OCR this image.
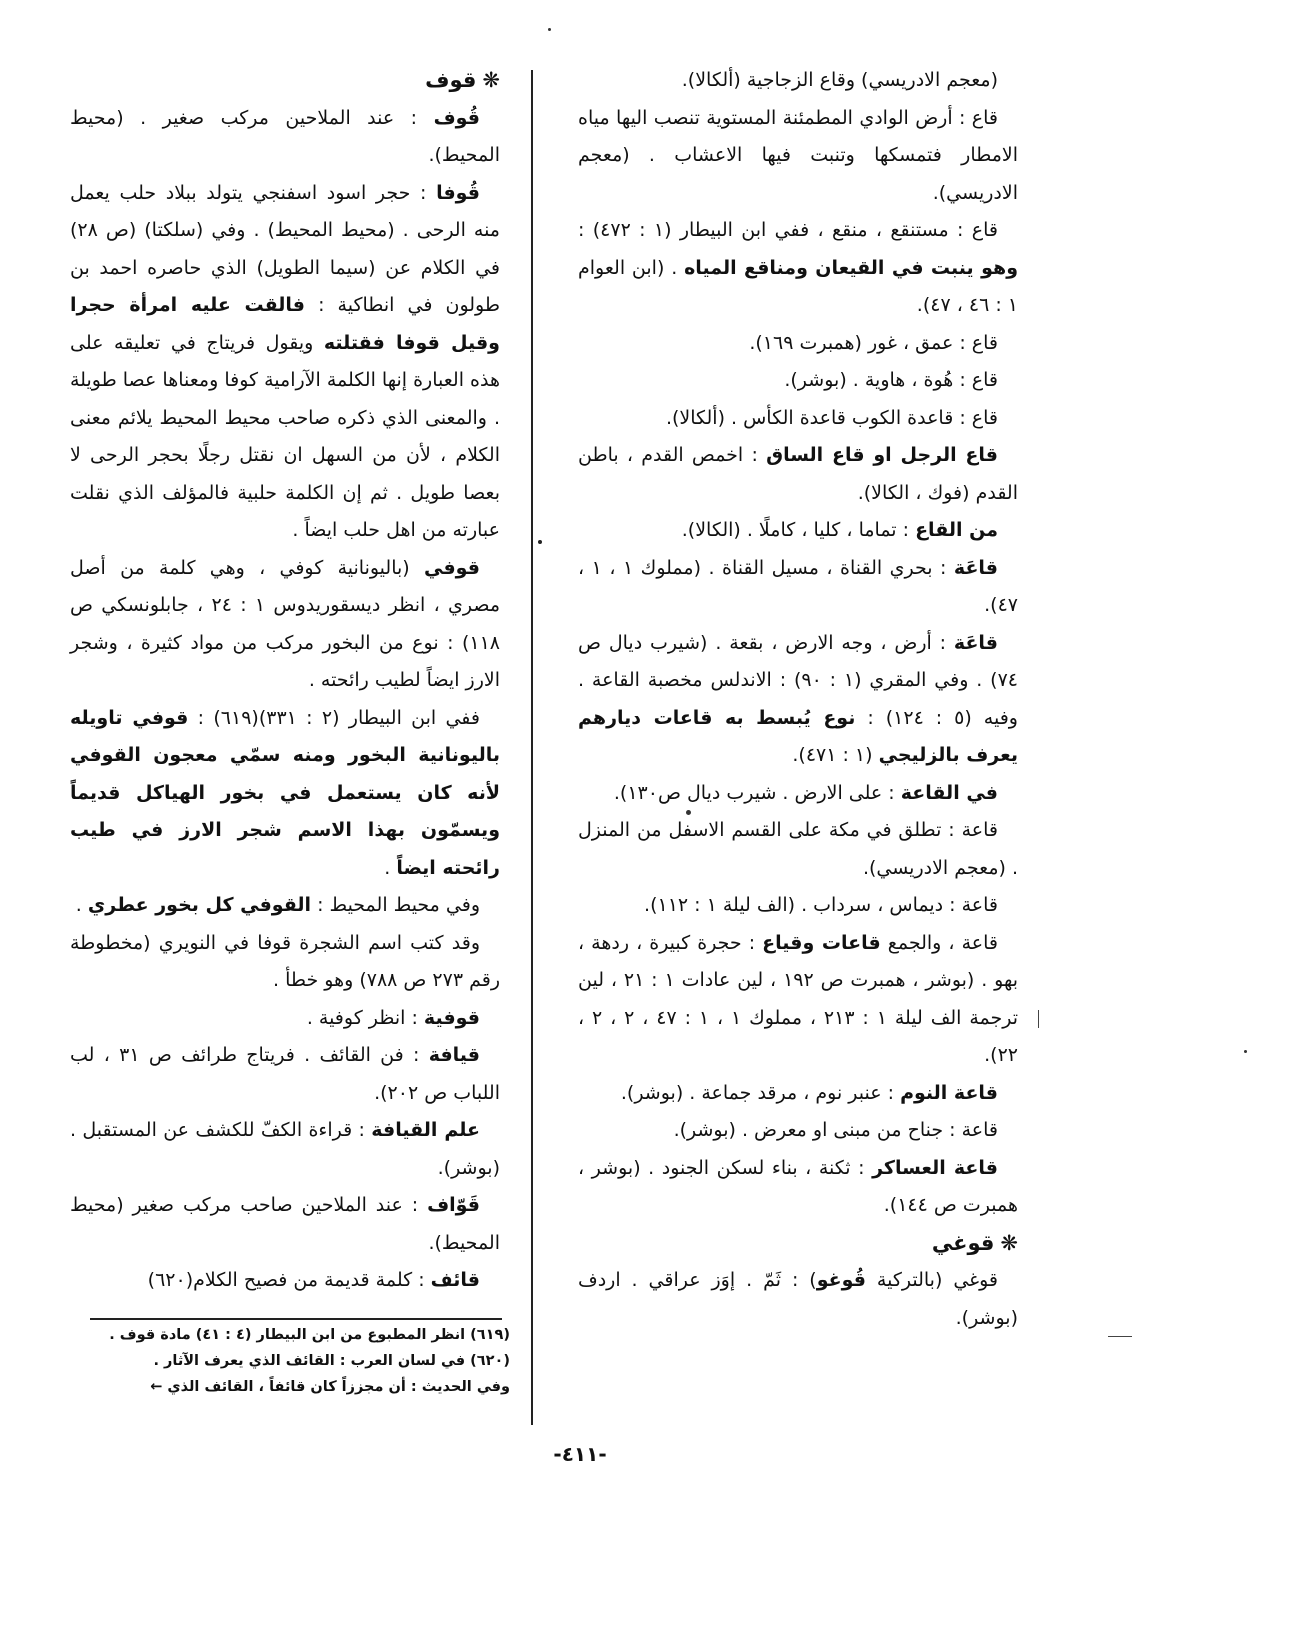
(معجم الادريسي) وقاع الزجاجية (ألكالا).

قاع : أرض الوادي المطمئنة المستوية تنصب اليها مياه الامطار فتمسكها وتنبت فيها الاعشاب . (معجم الادريسي).

قاع : مستنقع ، منقع ، ففي ابن البيطار (١ : ٤٧٢) : وهو ينبت في القيعان ومناقع المياه . (ابن العوام ١ : ٤٦ ، ٤٧).

قاع : عمق ، غور (همبرت ١٦٩).

قاع : هُوة ، هاوية . (بوشر).

قاع : قاعدة الكوب قاعدة الكأس . (ألكالا).

قاع الرجل او قاع الساق : اخمص القدم ، باطن القدم (فوك ، الكالا).

من القاع : تماما ، كليا ، كاملًا . (الكالا).

قاعَة : بحري القناة ، مسيل القناة . (مملوك ١ ، ١ ، ٤٧).

قاعَة : أرض ، وجه الارض ، بقعة . (شيرب ديال ص ٧٤) . وفي المقري (١ : ٩٠) : الاندلس مخصبة القاعة . وفيه (٥ : ١٢٤) : نوع يُبسط به قاعات ديارهم يعرف بالزليجي (١ : ٤٧١).

في القاعة : على الارض . شيرب ديال ص١٣٠).

قاعة : تطلق في مكة على القسم الاسفل من المنزل . (معجم الادريسي).

قاعة : ديماس ، سرداب . (الف ليلة ١ : ١١٢).

قاعة ، والجمع قاعات وقياع : حجرة كبيرة ، ردهة ، بهو . (بوشر ، همبرت ص ١٩٢ ، لين عادات ١ : ٢١ ، لين ترجمة الف ليلة ١ : ٢١٣ ، مملوك ١ ، ١ : ٤٧ ، ٢ ، ٢ ، ٢٢).

قاعة النوم : عنبر نوم ، مرقد جماعة . (بوشر).

قاعة : جناح من مبنى او معرض . (بوشر).

قاعة العساكر : ثكنة ، بناء لسكن الجنود . (بوشر ، همبرت ص ١٤٤).

❋قوغي

قوغي (بالتركية قُوغو) : ثَمّ . إوَز عراقي . اردف (بوشر).

❋قوف

قُوف : عند الملاحين مركب صغير . (محيط المحيط).

قُوفا : حجر اسود اسفنجي يتولد ببلاد حلب يعمل منه الرحى . (محيط المحيط) . وفي (سلكتا) (ص ٢٨) في الكلام عن (سيما الطويل) الذي حاصره احمد بن طولون في انطاكية : فالقت عليه امرأة حجرا وقيل قوفا فقتلته ويقول فريتاج في تعليقه على هذه العبارة إنها الكلمة الآرامية كوفا ومعناها عصا طويلة . والمعنى الذي ذكره صاحب محيط المحيط يلائم معنى الكلام ، لأن من السهل ان نقتل رجلًا بحجر الرحى لا بعصا طويل . ثم إن الكلمة حلبية فالمؤلف الذي نقلت عبارته من اهل حلب ايضاً .

قوفي (باليونانية كوفي ، وهي كلمة من أصل مصري ، انظر ديسقوريدوس ١ : ٢٤ ، جابلونسكي ص ١١٨) : نوع من البخور مركب من مواد كثيرة ، وشجر الارز ايضاً لطيب رائحته .

ففي ابن البيطار (٢ : ٣٣١)(٦١٩) : قوفي تاويله باليونانية البخور ومنه سمّي معجون القوفي لأنه كان يستعمل في بخور الهياكل قديماً ويسمّون بهذا الاسم شجر الارز في طيب رائحته ايضاً .

وفي محيط المحيط : القوفي كل بخور عطري .

وقد كتب اسم الشجرة قوفا في النويري (مخطوطة رقم ٢٧٣ ص ٧٨٨) وهو خطأ .

قوفية : انظر كوفية .

قيافة : فن القائف . فريتاج طرائف ص ٣١ ، لب اللباب ص ٢٠٢).

علم القيافة : قراءة الكفّ للكشف عن المستقبل . (بوشر).

قَوّاف : عند الملاحين صاحب مركب صغير (محيط المحيط).

قائف : كلمة قديمة من فصيح الكلام(٦٢٠)

(٦١٩) انظر المطبوع من ابن البيطار (٤ : ٤١) مادة قوف .

(٦٢٠) في لسان العرب : القائف الذي يعرف الآثار .

وفي الحديث : أن مجززاً كان قائفاً ، القائف الذي ←

-٤١١-
